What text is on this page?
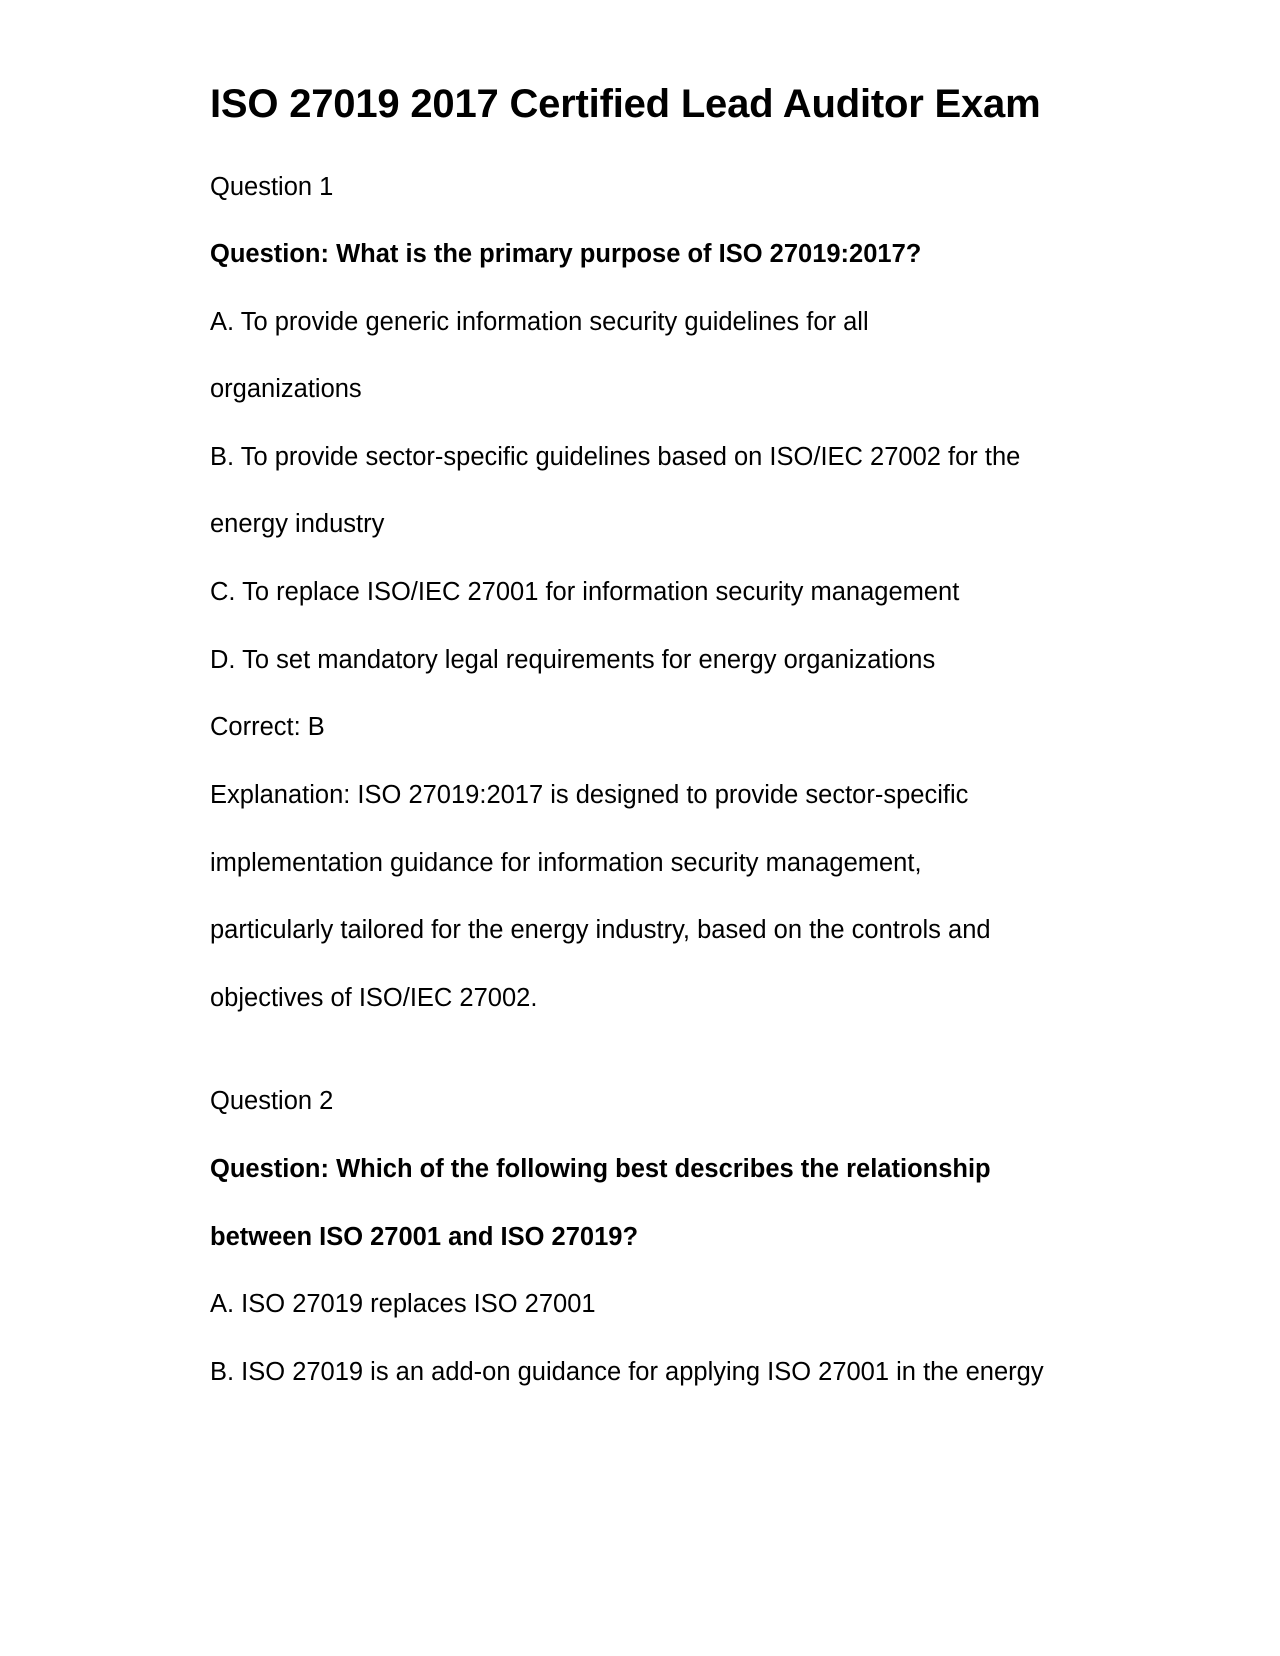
ISO 27019 2017 Certified Lead Auditor Exam
Question 1
Question: What is the primary purpose of ISO 27019:2017?
A. To provide generic information security guidelines for all
organizations
B. To provide sector-specific guidelines based on ISO/IEC 27002 for the
energy industry
C. To replace ISO/IEC 27001 for information security management
D. To set mandatory legal requirements for energy organizations
Correct: B
Explanation: ISO 27019:2017 is designed to provide sector-specific
implementation guidance for information security management,
particularly tailored for the energy industry, based on the controls and
objectives of ISO/IEC 27002.
Question 2
Question: Which of the following best describes the relationship
between ISO 27001 and ISO 27019?
A. ISO 27019 replaces ISO 27001
B. ISO 27019 is an add-on guidance for applying ISO 27001 in the energy
